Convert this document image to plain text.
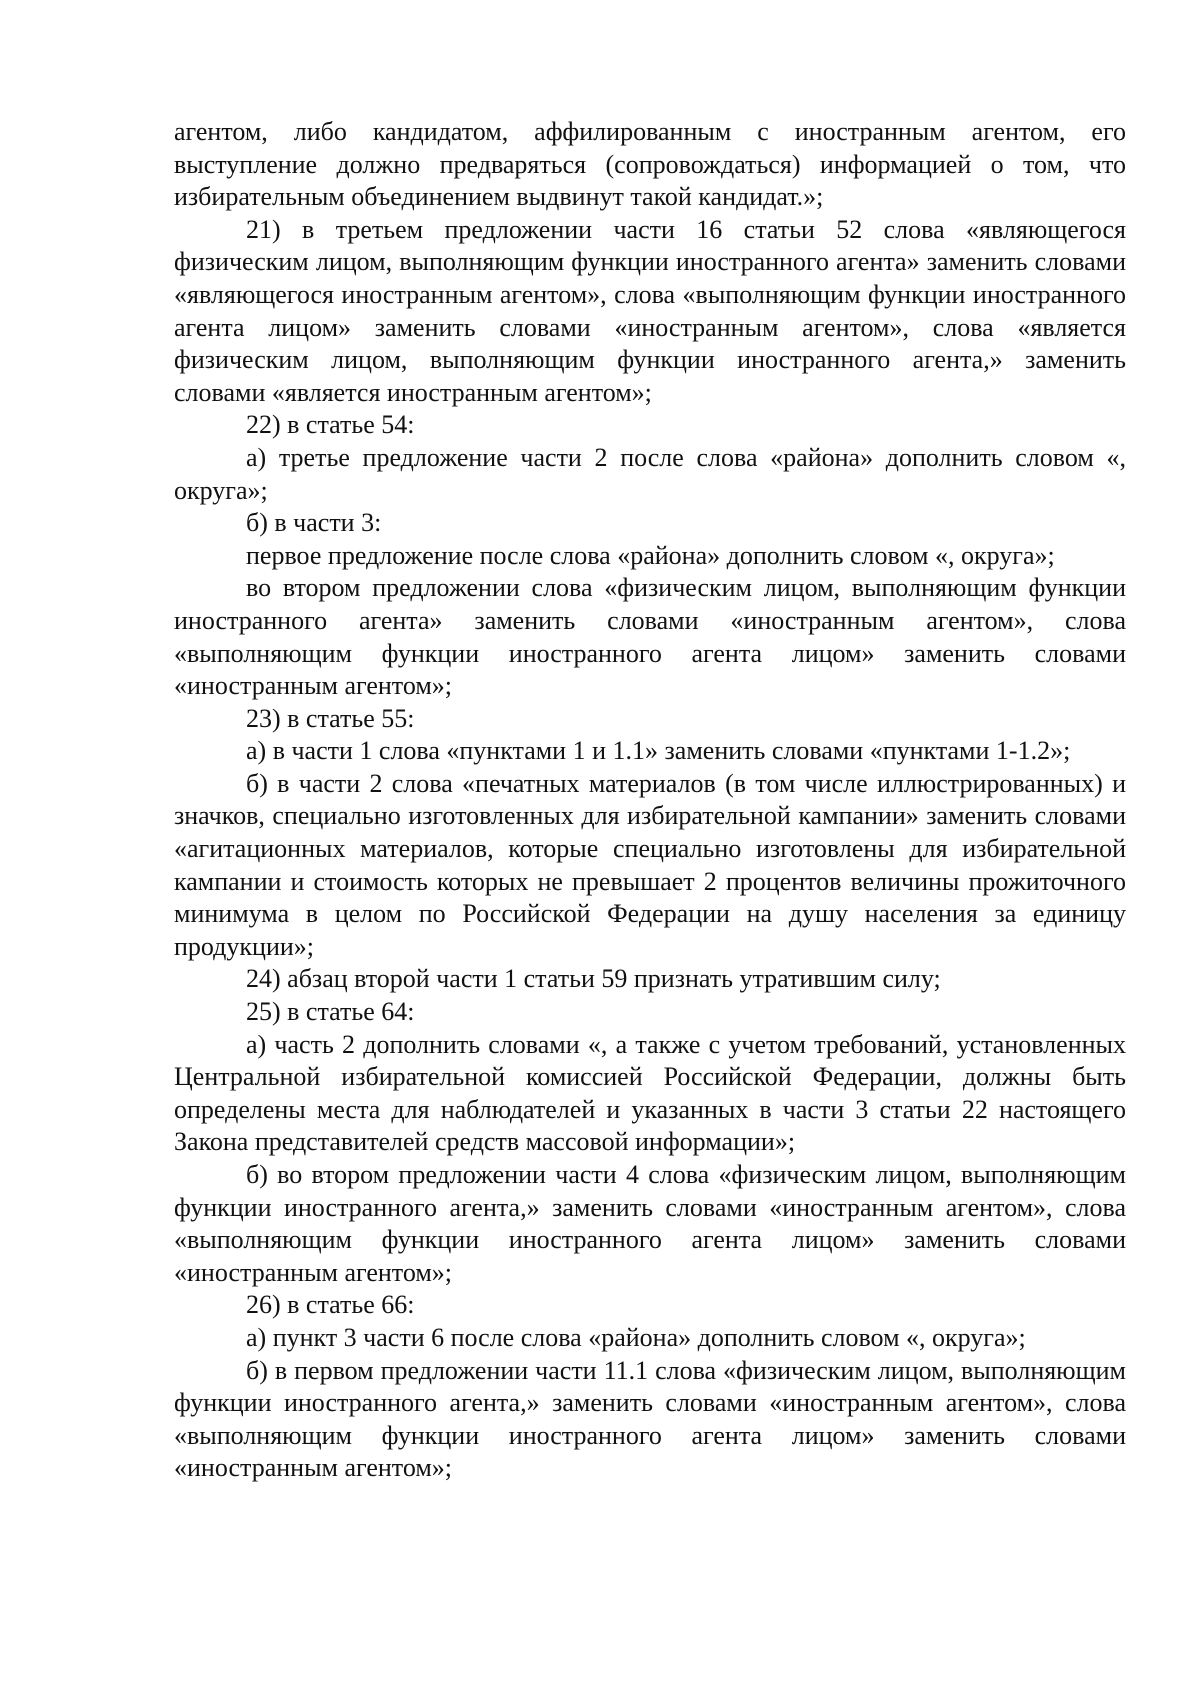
агентом, либо кандидатом, аффилированным с иностранным агентом, его выступление должно предваряться (сопровождаться) информацией о том, что избирательным объединением выдвинут такой кандидат.»;

21) в третьем предложении части 16 статьи 52 слова «являющегося физическим лицом, выполняющим функции иностранного агента» заменить словами «являющегося иностранным агентом», слова «выполняющим функции иностранного агента лицом» заменить словами «иностранным агентом», слова «является физическим лицом, выполняющим функции иностранного агента,» заменить словами «является иностранным агентом»;

22) в статье 54:

а) третье предложение части 2 после слова «района» дополнить словом «, округа»;

б) в части 3:

первое предложение после слова «района» дополнить словом «, округа»;

во втором предложении слова «физическим лицом, выполняющим функции иностранного агента» заменить словами «иностранным агентом», слова «выполняющим функции иностранного агента лицом» заменить словами «иностранным агентом»;

23) в статье 55:

а) в части 1 слова «пунктами 1 и 1.1» заменить словами «пунктами 1-1.2»;

б) в части 2 слова «печатных материалов (в том числе иллюстрированных) и значков, специально изготовленных для избирательной кампании» заменить словами «агитационных материалов, которые специально изготовлены для избирательной кампании и стоимость которых не превышает 2 процентов величины прожиточного минимума в целом по Российской Федерации на душу населения за единицу продукции»;

24) абзац второй части 1 статьи 59 признать утратившим силу;

25) в статье 64:

а) часть 2 дополнить словами «, а также с учетом требований, установленных Центральной избирательной комиссией Российской Федерации, должны быть определены места для наблюдателей и указанных в части 3 статьи 22 настоящего Закона представителей средств массовой информации»;

б) во втором предложении части 4 слова «физическим лицом, выполняющим функции иностранного агента,» заменить словами «иностранным агентом», слова «выполняющим функции иностранного агента лицом» заменить словами «иностранным агентом»;

26) в статье 66:

а) пункт 3 части 6 после слова «района» дополнить словом «, округа»;

б) в первом предложении части 11.1 слова «физическим лицом, выполняющим функции иностранного агента,» заменить словами «иностранным агентом», слова «выполняющим функции иностранного агента лицом» заменить словами «иностранным агентом»;
